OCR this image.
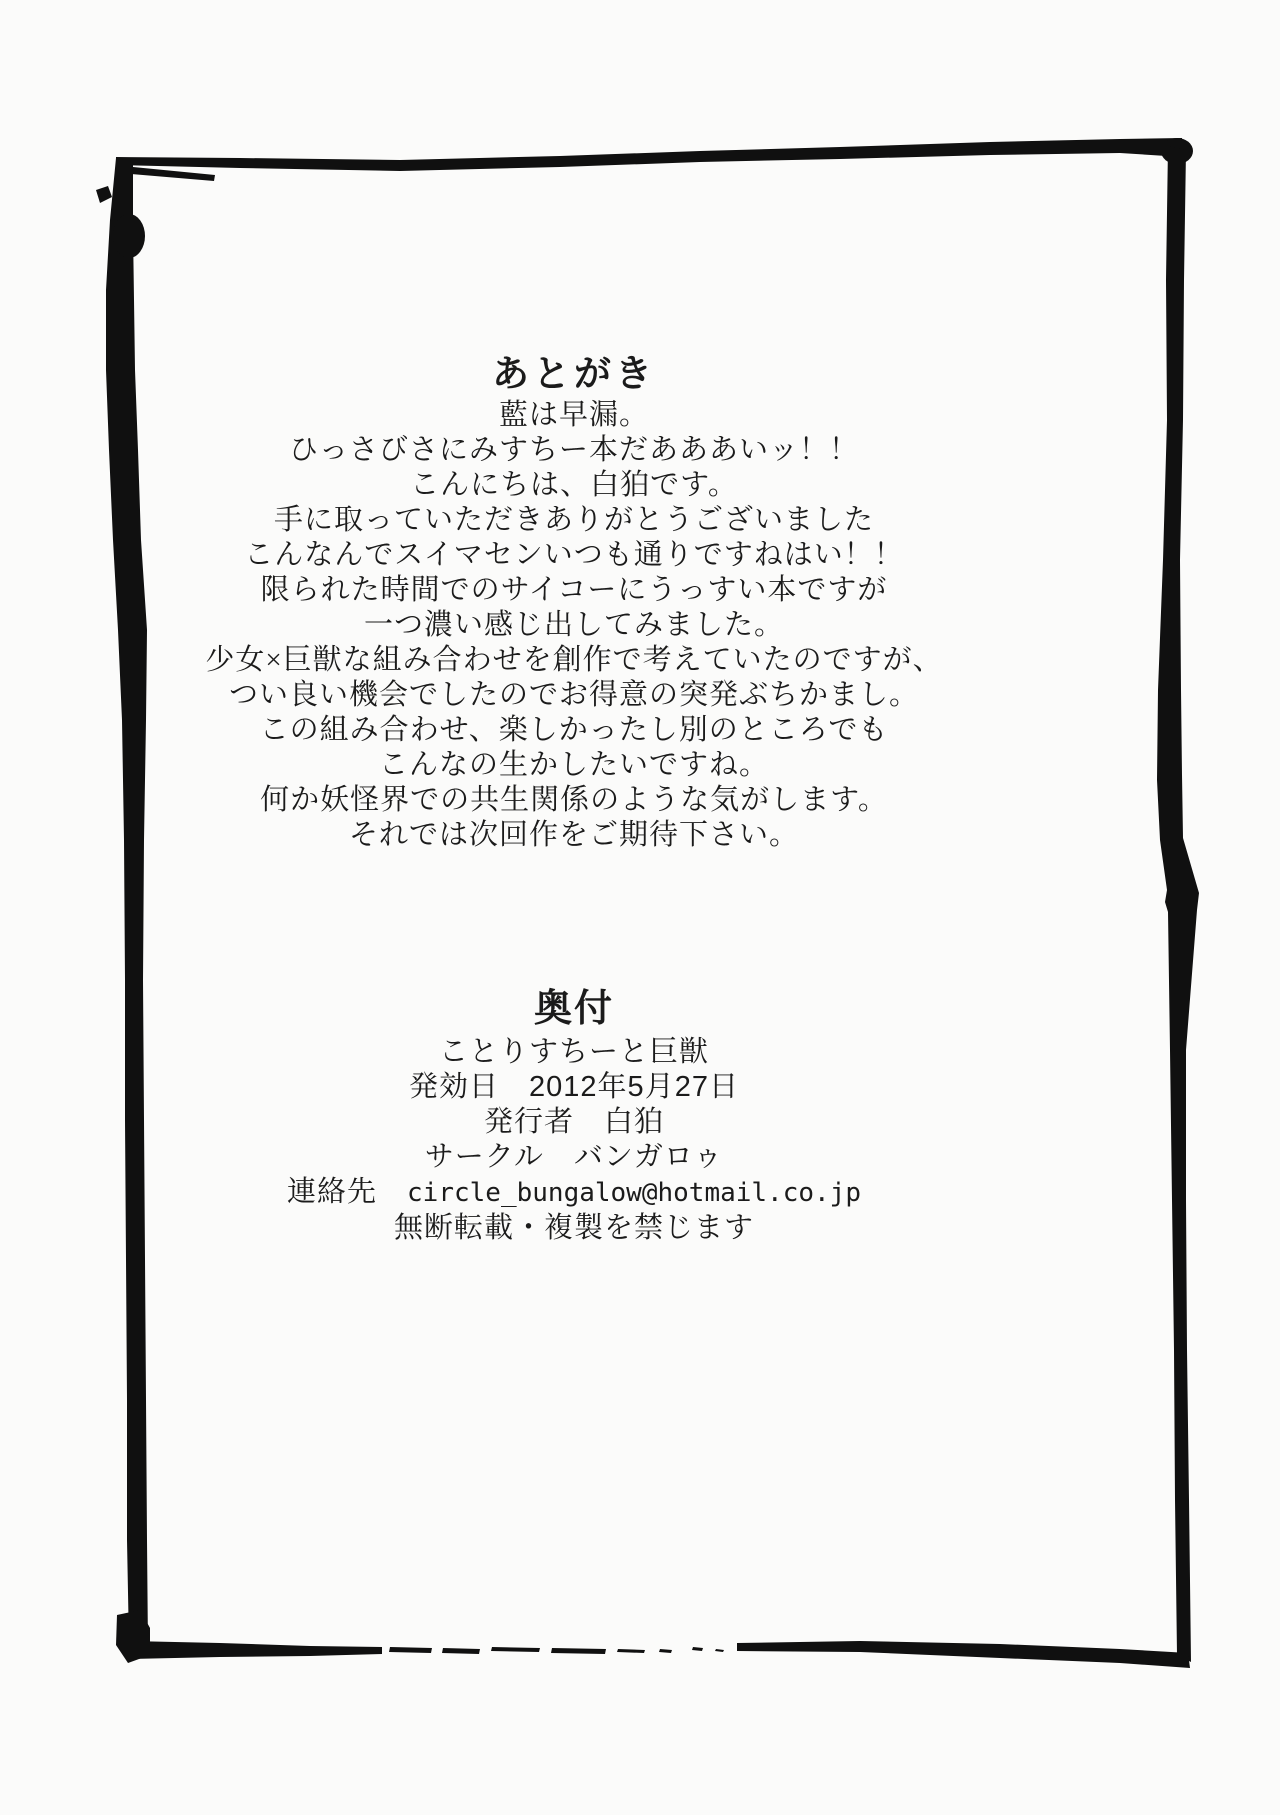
あとがき
藍は早漏。
ひっさびさにみすちー本だあああいッ！！
こんにちは、白狛です。
手に取っていただきありがとうございました
こんなんでスイマセンいつも通りですねはい！！
限られた時間でのサイコーにうっすい本ですが
一つ濃い感じ出してみました。
少女×巨獣な組み合わせを創作で考えていたのですが、
つい良い機会でしたのでお得意の突発ぶちかまし。
この組み合わせ、楽しかったし別のところでも
こんなの生かしたいですね。
何か妖怪界での共生関係のような気がします。
それでは次回作をご期待下さい。
奥付
ことりすちーと巨獣
発効日　2012年5月27日
発行者　白狛
サークル　バンガロゥ
連絡先　circle_bungalow@hotmail.co.jp
無断転載・複製を禁じます
